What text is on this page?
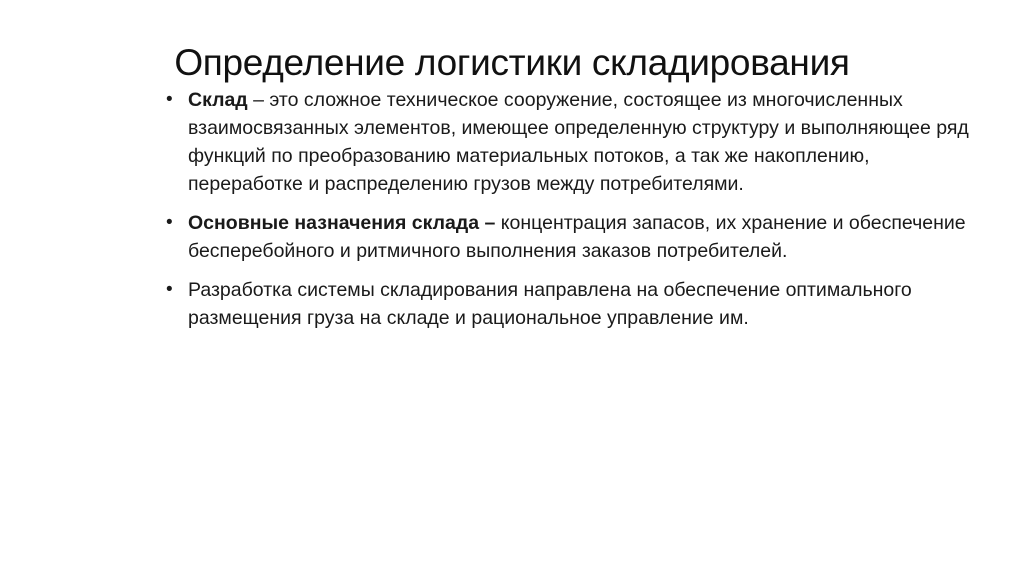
Определение логистики складирования
• Склад – это сложное техническое сооружение, состоящее из многочисленных взаимосвязанных элементов, имеющее определенную структуру и выполняющее ряд функций по преобразованию материальных потоков, а так же накоплению, переработке и распределению грузов между потребителями.
• Основные назначения склада – концентрация запасов, их хранение и обеспечение бесперебойного и ритмичного выполнения заказов потребителей.
• Разработка системы складирования направлена на обеспечение оптимального размещения груза на складе и рациональное управление им.
